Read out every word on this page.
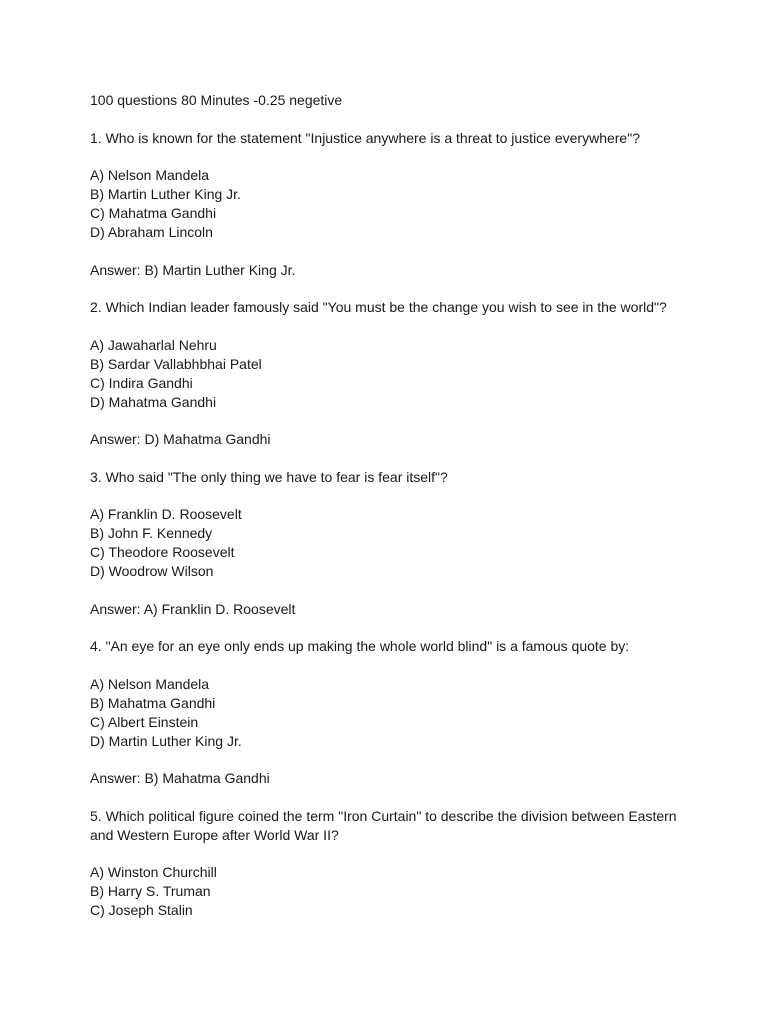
100 questions 80 Minutes -0.25 negetive
1. Who is known for the statement "Injustice anywhere is a threat to justice everywhere"?
A) Nelson Mandela
B) Martin Luther King Jr.
C) Mahatma Gandhi
D) Abraham Lincoln
Answer: B) Martin Luther King Jr.
2. Which Indian leader famously said "You must be the change you wish to see in the world"?
A) Jawaharlal Nehru
B) Sardar Vallabhbhai Patel
C) Indira Gandhi
D) Mahatma Gandhi
Answer: D) Mahatma Gandhi
3. Who said "The only thing we have to fear is fear itself"?
A) Franklin D. Roosevelt
B) John F. Kennedy
C) Theodore Roosevelt
D) Woodrow Wilson
Answer: A) Franklin D. Roosevelt
4. "An eye for an eye only ends up making the whole world blind" is a famous quote by:
A) Nelson Mandela
B) Mahatma Gandhi
C) Albert Einstein
D) Martin Luther King Jr.
Answer: B) Mahatma Gandhi
5. Which political figure coined the term "Iron Curtain" to describe the division between Eastern
and Western Europe after World War II?
A) Winston Churchill
B) Harry S. Truman
C) Joseph Stalin
